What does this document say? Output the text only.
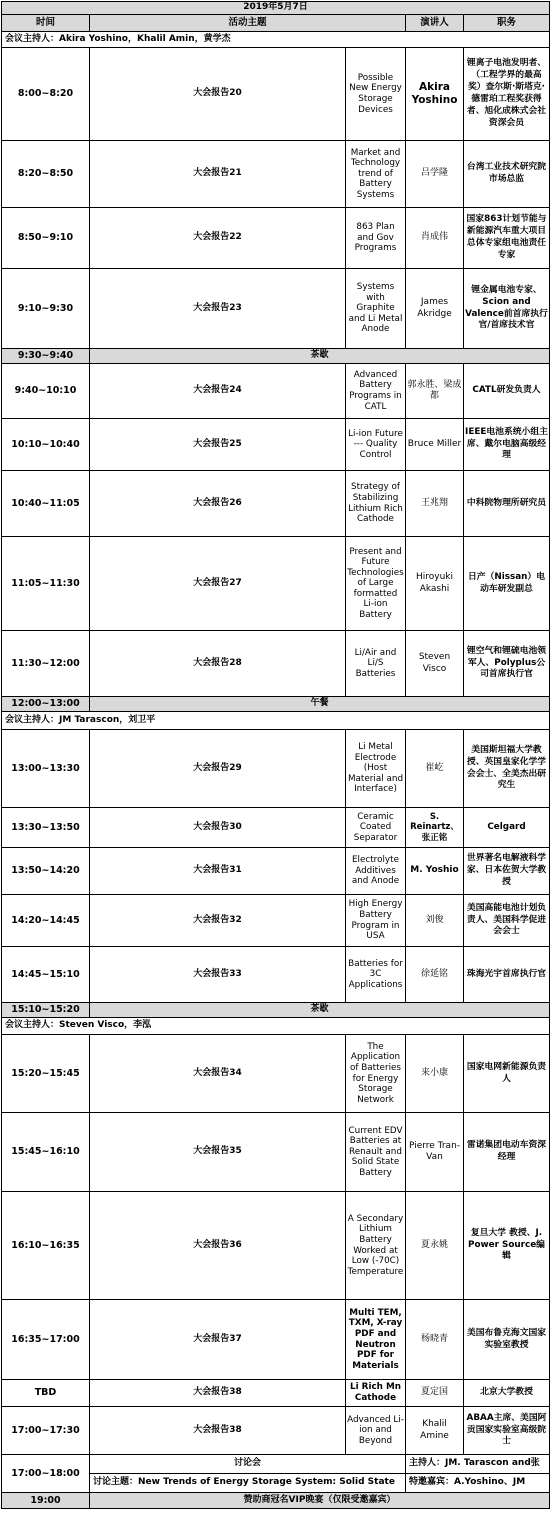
2019年5月7日				
时间	活动主题		演讲人	职务
会议主持人：Akira Yoshino，Khalil Amin，黄学杰				
8:00~8:20	大会报告20	Possible New Energy Storage Devices	Akira Yoshino	锂离子电池发明者、（工程学界的最高奖）查尔斯·斯塔克·德雷珀工程奖获得者、旭化成株式会社资深会员
8:20~8:50	大会报告21	Market and Technology trend of Battery Systems	吕学隆	台湾工业技术研究院市场总监
8:50~9:10	大会报告22	863 Plan and Gov Programs	肖成伟	国家863计划节能与新能源汽车重大项目总体专家组电池责任专家
9:10~9:30	大会报告23	Systems with Graphite and Li Metal Anode	James Akridge	锂金属电池专家、Scion and Valence前首席执行官/首席技术官
9:30~9:40	茶歇			
9:40~10:10	大会报告24	Advanced Battery Programs in CATL	郭永胜、梁成都	CATL研发负责人
10:10~10:40	大会报告25	Li-ion Future --- Quality Control	Bruce Miller	IEEE电池系统小组主席、戴尔电脑高级经理
10:40~11:05	大会报告26	Strategy of Stabilizing Lithium Rich Cathode	王兆翔	中科院物理所研究员
11:05~11:30	大会报告27	Present and Future Technologies of Large formatted Li-ion Battery	Hiroyuki Akashi	日产（Nissan）电动车研发副总
11:30~12:00	大会报告28	Li/Air and Li/S Batteries	Steven Visco	锂空气和锂硫电池领军人、Polyplus公司首席执行官
12:00~13:00	午餐			
会议主持人：JM Tarascon，刘卫平				
13:00~13:30	大会报告29	Li Metal Electrode (Host Material and Interface)	崔屹	美国斯坦福大学教授、英国皇家化学学会会士、全美杰出研究生
13:30~13:50	大会报告30	Ceramic Coated Separator	S. Reinartz、张正铭	Celgard
13:50~14:20	大会报告31	Electrolyte Additives and Anode	M. Yoshio	世界著名电解液科学家、日本佐贺大学教授
14:20~14:45	大会报告32	High Energy Battery Program in USA	刘俊	美国高能电池计划负责人、美国科学促进会会士
14:45~15:10	大会报告33	Batteries for 3C Applications	徐延铭	珠海光宇首席执行官
15:10~15:20	茶歇			
会议主持人：Steven Visco，李泓				
15:20~15:45	大会报告34	The Application of Batteries for Energy Storage Network	来小康	国家电网新能源负责人
15:45~16:10	大会报告35	Current EDV Batteries at Renault and Solid State Battery	Pierre Tran-Van	雷诺集团电动车资深经理
16:10~16:35	大会报告36	A Secondary Lithium Battery Worked at Low (-70C) Temperature	夏永姚	复旦大学 教授、J. Power Source编辑
16:35~17:00	大会报告37	Multi TEM, TXM, X-ray PDF and Neutron PDF for Materials	杨晓青	美国布鲁克海文国家实验室教授
TBD	大会报告38	Li Rich Mn Cathode	夏定国	北京大学教授
17:00~17:30	大会报告38	Advanced Li-ion and Beyond	Khalil Amine	ABAA主席、美国阿贡国家实验室高级院士
17:00~18:00	讨论会		主持人：JM. Tarascon and张	
	讨论主题：New Trends of Energy Storage System: Solid State		特邀嘉宾：A.Yoshino、JM	
19:00	赞助商冠名VIP晚宴（仅限受邀嘉宾）			
